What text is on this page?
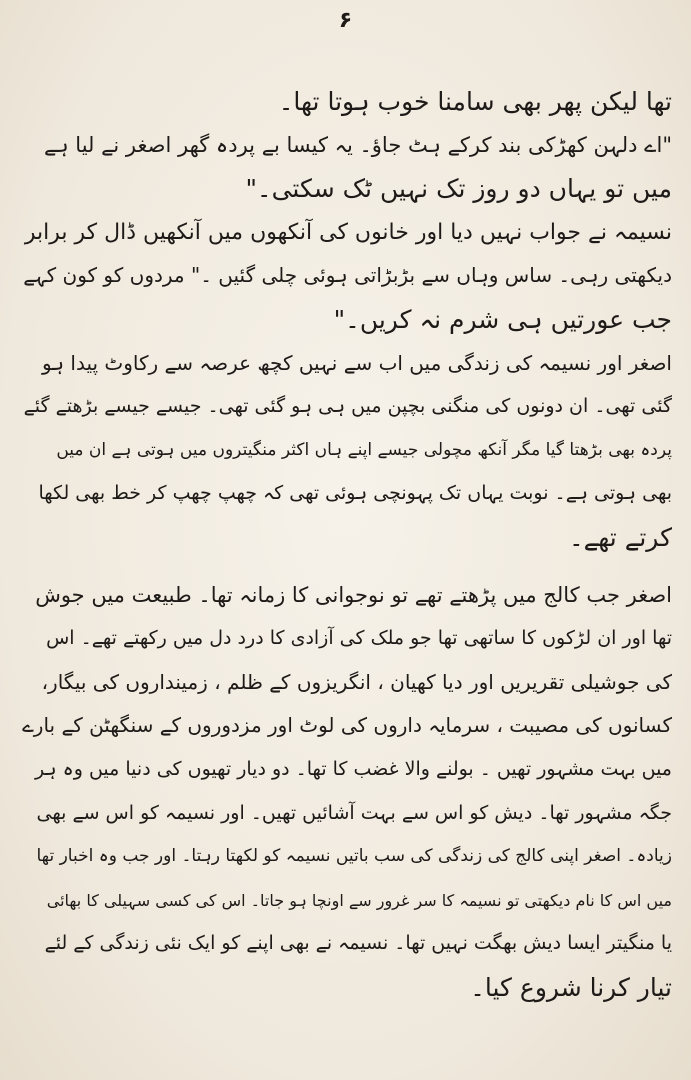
۶
تھا لیکن پھر بھی سامنا خوب ہوتا تھا۔
"اے دلہن کھڑکی بند کرکے ہٹ جاؤ۔ یہ کیسا بے پردہ گھر اصغر نے لیا ہے
میں تو یہاں دو روز تک نہیں ٹک سکتی۔"
نسیمہ نے جواب نہیں دیا اور خانوں کی آنکھوں میں آنکھیں ڈال کر برابر
دیکھتی رہی۔ ساس وہاں سے بڑبڑاتی ہوئی چلی گئیں ۔" مردوں کو کون کہے
جب عورتیں ہی شرم نہ کریں۔"
اصغر اور نسیمہ کی زندگی میں اب سے نہیں کچھ عرصہ سے رکاوٹ پیدا ہو
گئی تھی۔ ان دونوں کی منگنی بچپن میں ہی ہو گئی تھی۔ جیسے جیسے بڑھتے گئے
پردہ بھی بڑھتا گیا مگر آنکھ مچولی جیسے اپنے ہاں اکثر منگیتروں میں ہوتی ہے ان میں
بھی ہوتی ہے۔ نوبت یہاں تک پہونچی ہوئی تھی کہ چھپ چھپ کر خط بھی لکھا
کرتے تھے۔
اصغر جب کالج میں پڑھتے تھے تو نوجوانی کا زمانہ تھا۔ طبیعت میں جوش
تھا اور ان لڑکوں کا ساتھی تھا جو ملک کی آزادی کا درد دل میں رکھتے تھے۔ اس
کی جوشیلی تقریریں اور دیا کھیان ، انگریزوں کے ظلم ، زمینداروں کی بیگار،
کسانوں کی مصیبت ، سرمایہ داروں کی لوٹ اور مزدوروں کے سنگھٹن کے بارے
میں بہت مشہور تھیں ۔ بولنے والا غضب کا تھا۔ دو دیار تھیوں کی دنیا میں وہ ہر
جگہ مشہور تھا۔ دیش کو اس سے بہت آشائیں تھیں۔ اور نسیمہ کو اس سے بھی
زیادہ۔ اصغر اپنی کالج کی زندگی کی سب باتیں نسیمہ کو لکھتا رہتا۔ اور جب وہ اخبار تھا
میں اس کا نام دیکھتی تو نسیمہ کا سر غرور سے اونچا ہو جاتا۔ اس کی کسی سہیلی کا بھائی
یا منگیتر ایسا دیش بھگت نہیں تھا۔ نسیمہ نے بھی اپنے کو ایک نئی زندگی کے لئے
تیار کرنا شروع کیا۔
